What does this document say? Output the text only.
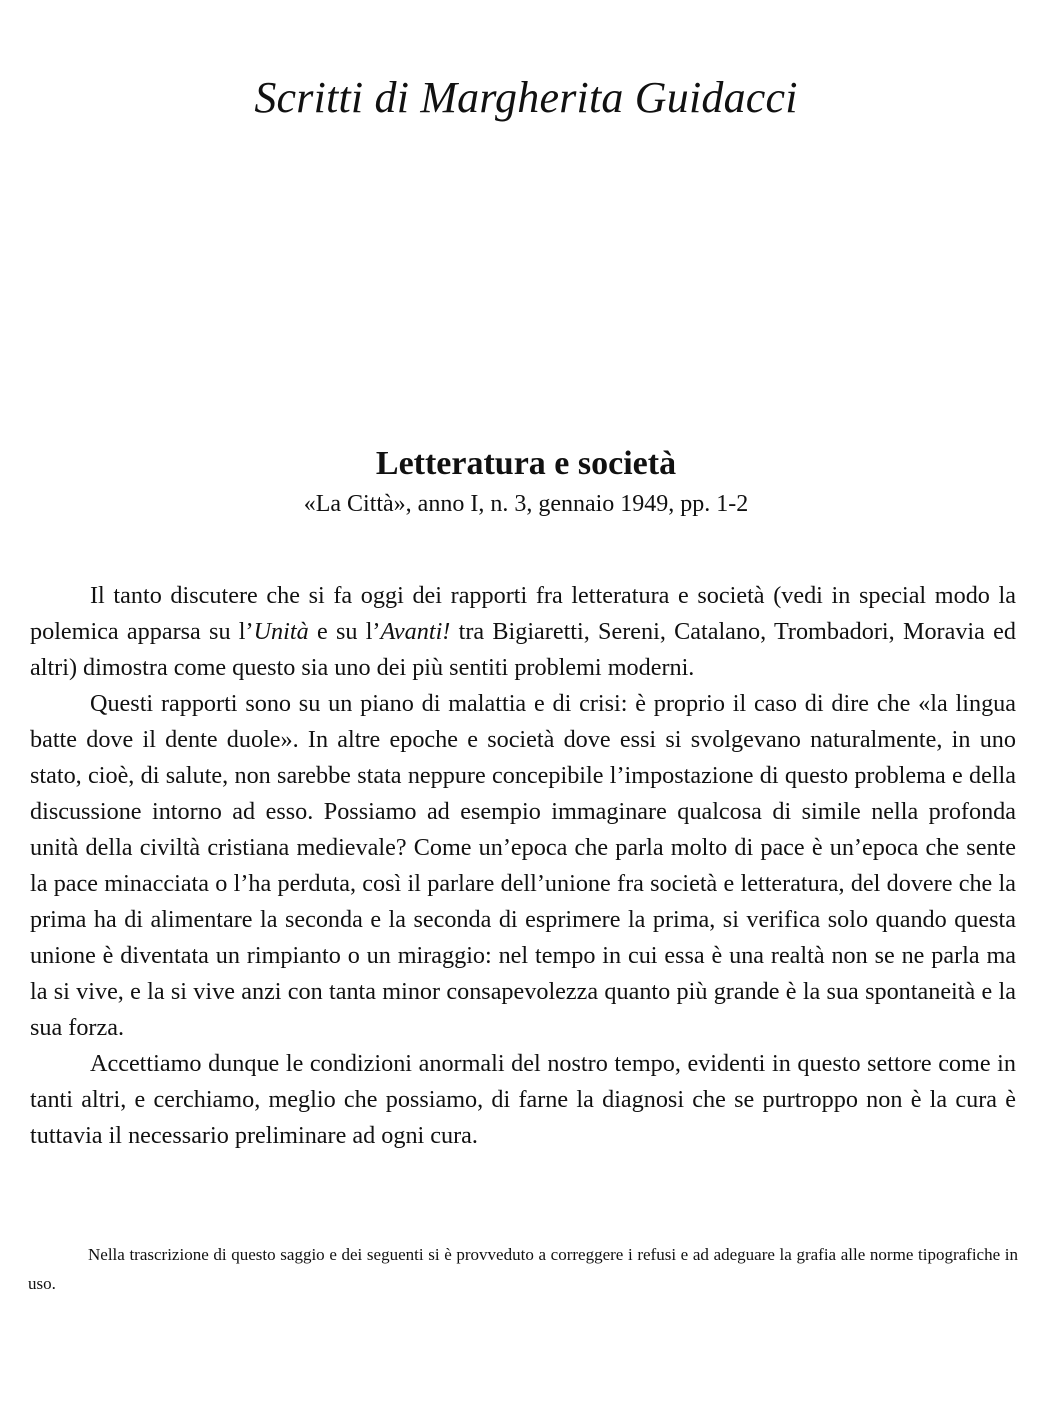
Scritti di Margherita Guidacci
Letteratura e società
«La Città», anno I, n. 3, gennaio 1949, pp. 1-2

Il tanto discutere che si fa oggi dei rapporti fra letteratura e società (vedi in special modo la polemica apparsa su l’Unità e su l’Avanti! tra Bigiaretti, Sereni, Catalano, Trombadori, Moravia ed altri) dimostra come questo sia uno dei più sentiti problemi moderni.

Questi rapporti sono su un piano di malattia e di crisi: è proprio il caso di dire che «la lingua batte dove il dente duole». In altre epoche e società dove essi si svolgevano naturalmente, in uno stato, cioè, di salute, non sarebbe stata neppure concepibile l’impostazione di questo problema e della discussione intorno ad esso. Possiamo ad esempio immaginare qualcosa di simile nella profonda unità della civiltà cristiana medievale? Come un’epoca che parla molto di pace è un’epoca che sente la pace minacciata o l’ha perduta, così il parlare dell’unione fra società e letteratura, del dovere che la prima ha di alimentare la seconda e la seconda di esprimere la prima, si verifica solo quando questa unione è diventata un rimpianto o un miraggio: nel tempo in cui essa è una realtà non se ne parla ma la si vive, e la si vive anzi con tanta minor consapevolezza quanto più grande è la sua spontaneità e la sua forza.

Accettiamo dunque le condizioni anormali del nostro tempo, evidenti in questo settore come in tanti altri, e cerchiamo, meglio che possiamo, di farne la diagnosi che se purtroppo non è la cura è tuttavia il necessario preliminare ad ogni cura.

Nella trascrizione di questo saggio e dei seguenti si è provveduto a correggere i refusi e ad adeguare la grafia alle norme tipografiche in uso.
